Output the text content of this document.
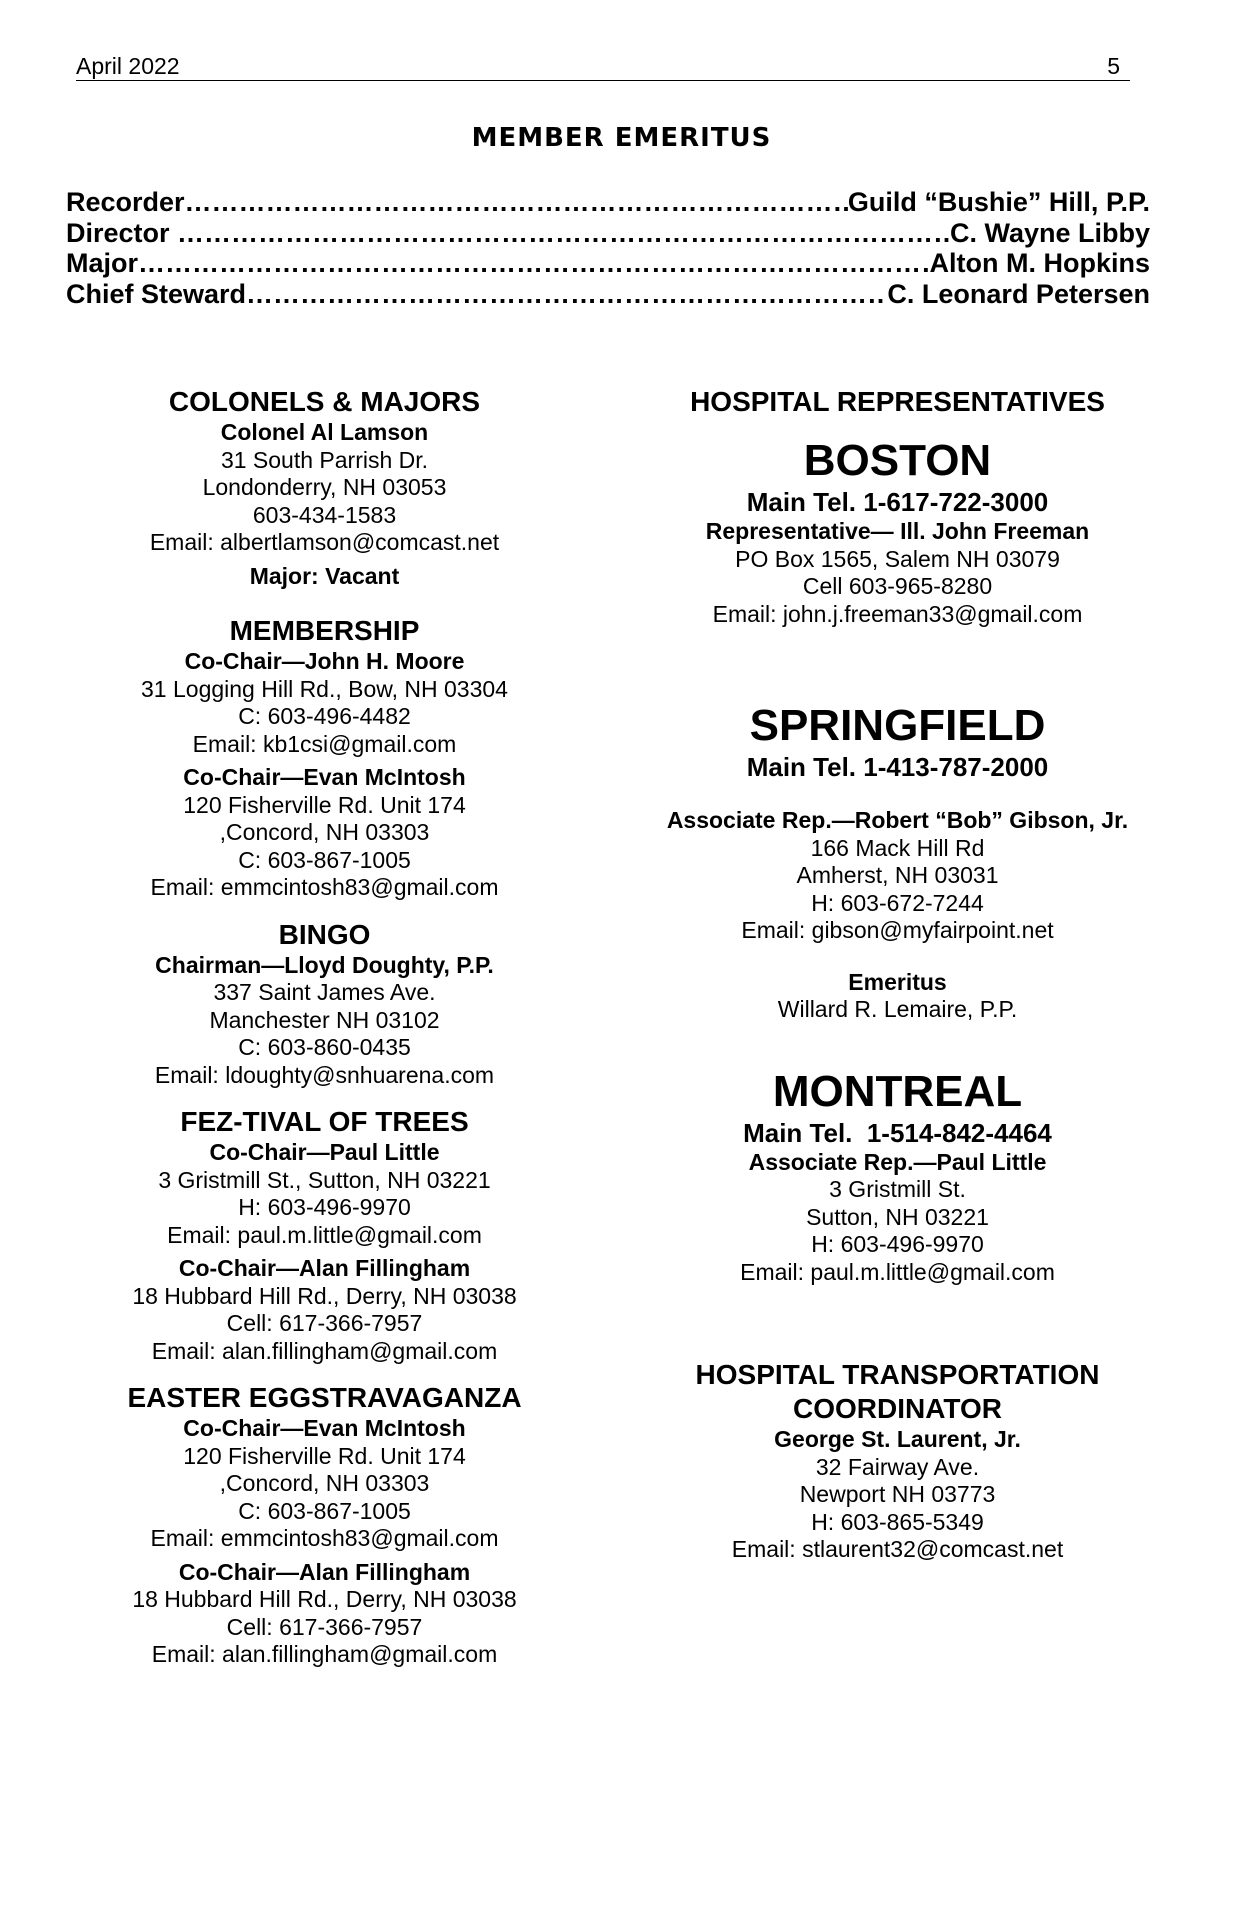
April 2022	5
MEMBER EMERITUS
Recorder ……………………………………………………………………………………………………………………………………………………………………………………	Guild “Bushie” Hill, P.P.
Director ……………………………………………………………………………………………………………………………………………………………………………………	C. Wayne Libby
Major ……………………………………………………………………………………………………………………………………………………………………………………	Alton M. Hopkins
Chief Steward ……………………………………………………………………………………………………………………………………………………………………………………	C. Leonard Petersen
COLONELS & MAJORS
Colonel Al Lamson
31 South Parrish Dr.
Londonderry, NH 03053
603-434-1583
Email: albertlamson@comcast.net
Major: Vacant
MEMBERSHIP
Co-Chair—John H. Moore
31 Logging Hill Rd., Bow, NH 03304
C: 603-496-4482
Email: kb1csi@gmail.com
Co-Chair—Evan McIntosh
120 Fisherville Rd. Unit 174
,Concord, NH 03303
C: 603-867-1005
Email: emmcintosh83@gmail.com
BINGO
Chairman—Lloyd Doughty, P.P.
337 Saint James Ave.
Manchester NH 03102
C: 603-860-0435
Email: ldoughty@snhuarena.com
FEZ-TIVAL OF TREES
Co-Chair—Paul Little
3 Gristmill St., Sutton, NH 03221
H: 603-496-9970
Email: paul.m.little@gmail.com
Co-Chair—Alan Fillingham
18 Hubbard Hill Rd., Derry, NH 03038
Cell: 617-366-7957
Email: alan.fillingham@gmail.com
EASTER EGGSTRAVAGANZA
Co-Chair—Evan McIntosh
120 Fisherville Rd. Unit 174
,Concord, NH 03303
C: 603-867-1005
Email: emmcintosh83@gmail.com
Co-Chair—Alan Fillingham
18 Hubbard Hill Rd., Derry, NH 03038
Cell: 617-366-7957
Email: alan.fillingham@gmail.com
HOSPITAL REPRESENTATIVES
BOSTON
Main Tel. 1-617-722-3000
Representative— Ill. John Freeman
PO Box 1565, Salem NH 03079
Cell 603-965-8280
Email: john.j.freeman33@gmail.com
SPRINGFIELD
Main Tel. 1-413-787-2000
Associate Rep.—Robert “Bob” Gibson, Jr.
166 Mack Hill Rd
Amherst, NH 03031
H: 603-672-7244
Email: gibson@myfairpoint.net
Emeritus
Willard R. Lemaire, P.P.
MONTREAL
Main Tel.  1-514-842-4464
Associate Rep.—Paul Little
3 Gristmill St.
Sutton, NH 03221
H: 603-496-9970
Email: paul.m.little@gmail.com
HOSPITAL TRANSPORTATION
COORDINATOR
George St. Laurent, Jr.
32 Fairway Ave.
Newport NH 03773
H: 603-865-5349
Email: stlaurent32@comcast.net
